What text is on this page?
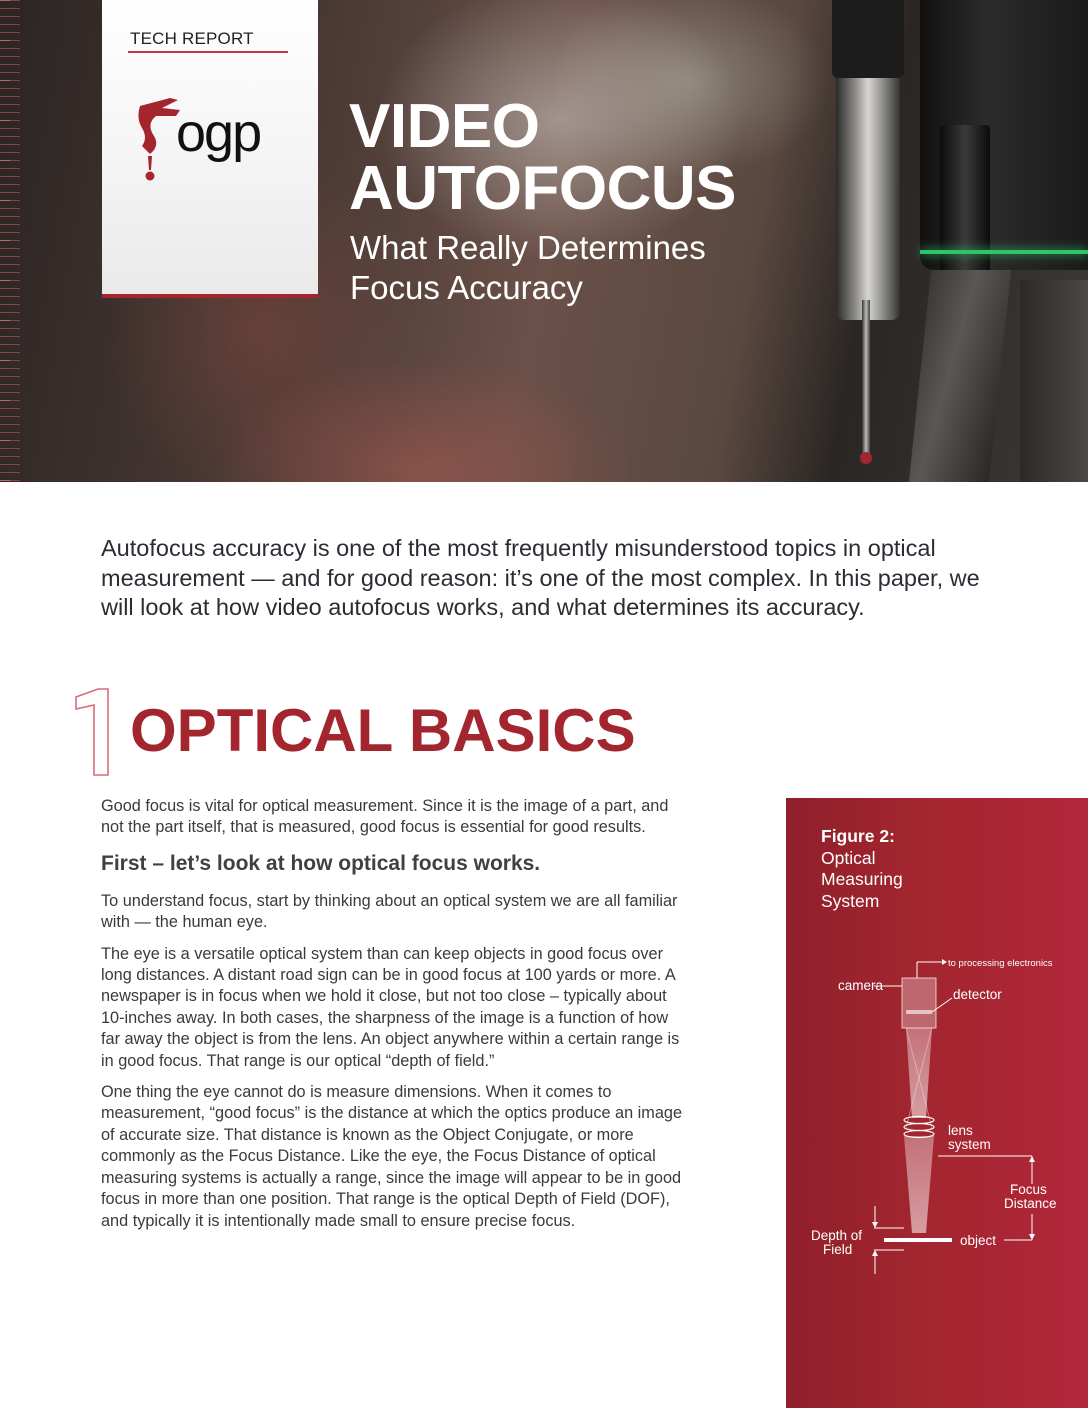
TECH REPORT
ogp VIDEO
AUTOFOCUS
What Really Determines
Focus Accuracy

Autofocus accuracy is one of the most frequently misunderstood topics in optical measurement — and for good reason: it’s one of the most complex. In this paper, we will look at how video autofocus works, and what determines its accuracy.

1
OPTICAL BASICS

Good focus is vital for optical measurement. Since it is the image of a part, and not the part itself, that is measured, good focus is essential for good results.

First – let’s look at how optical focus works.

To understand focus, start by thinking about an optical system we are all familiar with — the human eye.

The eye is a versatile optical system than can keep objects in good focus over long distances. A distant road sign can be in good focus at 100 yards or more. A newspaper is in focus when we hold it close, but not too close – typically about 10-inches away. In both cases, the sharpness of the image is a function of how far away the object is from the lens. An object anywhere within a certain range is in good focus. That range is our optical “depth of field.”

One thing the eye cannot do is measure dimensions. When it comes to measurement, “good focus” is the distance at which the optics produce an image of accurate size. That distance is known as the Object Conjugate, or more commonly as the Focus Distance. Like the eye, the Focus Distance of optical measuring systems is actually a range, since the image will appear to be in good focus in more than one position. That range is the optical Depth of Field (DOF), and typically it is intentionally made small to ensure precise focus.

Figure 2:
Optical
Measuring
System
to processing electronics
camera
detector
lens
system
Focus
Distance
object
Depth of
Field
